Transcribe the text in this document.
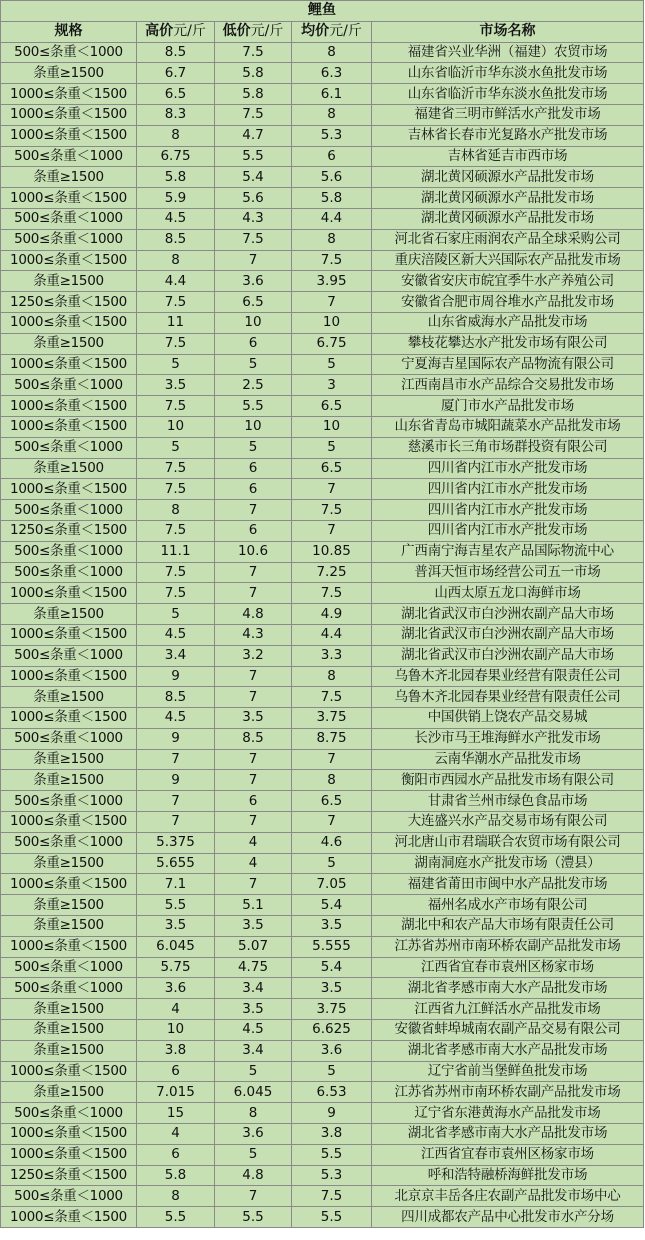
鲤鱼				
规格	高价元/斤	低价元/斤	均价元/斤	市场名称
500≤条重＜1000	8.5	7.5	8	福建省兴业华洲（福建）农贸市场
条重≥1500	6.7	5.8	6.3	山东省临沂市华东淡水鱼批发市场
1000≤条重＜1500	6.5	5.8	6.1	山东省临沂市华东淡水鱼批发市场
1000≤条重＜1500	8.3	7.5	8	福建省三明市鲜活水产批发市场
1000≤条重＜1500	8	4.7	5.3	吉林省长春市光复路水产批发市场
500≤条重＜1000	6.75	5.5	6	吉林省延吉市西市场
条重≥1500	5.8	5.4	5.6	湖北黄冈硕源水产品批发市场
1000≤条重＜1500	5.9	5.6	5.8	湖北黄冈硕源水产品批发市场
500≤条重＜1000	4.5	4.3	4.4	湖北黄冈硕源水产品批发市场
500≤条重＜1000	8.5	7.5	8	河北省石家庄雨润农产品全球采购公司
1000≤条重＜1500	8	7	7.5	重庆涪陵区新大兴国际农产品批发市场
条重≥1500	4.4	3.6	3.95	安徽省安庆市皖宜季牛水产养殖公司
1250≤条重＜1500	7.5	6.5	7	安徽省合肥市周谷堆水产品批发市场
1000≤条重＜1500	11	10	10	山东省威海水产品批发市场
条重≥1500	7.5	6	6.75	攀枝花攀达水产批发市场有限公司
1000≤条重＜1500	5	5	5	宁夏海吉星国际农产品物流有限公司
500≤条重＜1000	3.5	2.5	3	江西南昌市水产品综合交易批发市场
1000≤条重＜1500	7.5	5.5	6.5	厦门市水产品批发市场
1000≤条重＜1500	10	10	10	山东省青岛市城阳蔬菜水产品批发市场
500≤条重＜1000	5	5	5	慈溪市长三角市场群投资有限公司
条重≥1500	7.5	6	6.5	四川省内江市水产批发市场
1000≤条重＜1500	7.5	6	7	四川省内江市水产批发市场
500≤条重＜1000	8	7	7.5	四川省内江市水产批发市场
1250≤条重＜1500	7.5	6	7	四川省内江市水产批发市场
500≤条重＜1000	11.1	10.6	10.85	广西南宁海吉星农产品国际物流中心
500≤条重＜1000	7.5	7	7.25	普洱天恒市场经营公司五一市场
1000≤条重＜1500	7.5	7	7.5	山西太原五龙口海鲜市场
条重≥1500	5	4.8	4.9	湖北省武汉市白沙洲农副产品大市场
1000≤条重＜1500	4.5	4.3	4.4	湖北省武汉市白沙洲农副产品大市场
500≤条重＜1000	3.4	3.2	3.3	湖北省武汉市白沙洲农副产品大市场
1000≤条重＜1500	9	7	8	乌鲁木齐北园春果业经营有限责任公司
条重≥1500	8.5	7	7.5	乌鲁木齐北园春果业经营有限责任公司
1000≤条重＜1500	4.5	3.5	3.75	中国供销上饶农产品交易城
500≤条重＜1000	9	8.5	8.75	长沙市马王堆海鲜水产批发市场
条重≥1500	7	7	7	云南华潮水产品批发市场
条重≥1500	9	7	8	衡阳市西园水产品批发市场有限公司
500≤条重＜1000	7	6	6.5	甘肃省兰州市绿色食品市场
1000≤条重＜1500	7	7	7	大连盛兴水产品交易市场有限公司
500≤条重＜1000	5.375	4	4.6	河北唐山市君瑞联合农贸市场有限公司
条重≥1500	5.655	4	5	湖南洞庭水产批发市场（澧县）
1000≤条重＜1500	7.1	7	7.05	福建省莆田市闽中水产品批发市场
条重≥1500	5.5	5.1	5.4	福州名成水产市场有限公司
条重≥1500	3.5	3.5	3.5	湖北中和农产品大市场有限责任公司
1000≤条重＜1500	6.045	5.07	5.555	江苏省苏州市南环桥农副产品批发市场
500≤条重＜1000	5.75	4.75	5.4	江西省宜春市袁州区杨家市场
500≤条重＜1000	3.6	3.4	3.5	湖北省孝感市南大水产品批发市场
条重≥1500	4	3.5	3.75	江西省九江鲜活水产品批发市场
条重≥1500	10	4.5	6.625	安徽省蚌埠城南农副产品交易有限公司
条重≥1500	3.8	3.4	3.6	湖北省孝感市南大水产品批发市场
1000≤条重＜1500	6	5	5	辽宁省前当堡鲜鱼批发市场
条重≥1500	7.015	6.045	6.53	江苏省苏州市南环桥农副产品批发市场
500≤条重＜1000	15	8	9	辽宁省东港黄海水产品批发市场
1000≤条重＜1500	4	3.6	3.8	湖北省孝感市南大水产品批发市场
1000≤条重＜1500	6	5	5.5	江西省宜春市袁州区杨家市场
1250≤条重＜1500	5.8	4.8	5.3	呼和浩特融桥海鲜批发市场
500≤条重＜1000	8	7	7.5	北京京丰岳各庄农副产品批发市场中心
1000≤条重＜1500	5.5	5.5	5.5	四川成都农产品中心批发市水产分场
